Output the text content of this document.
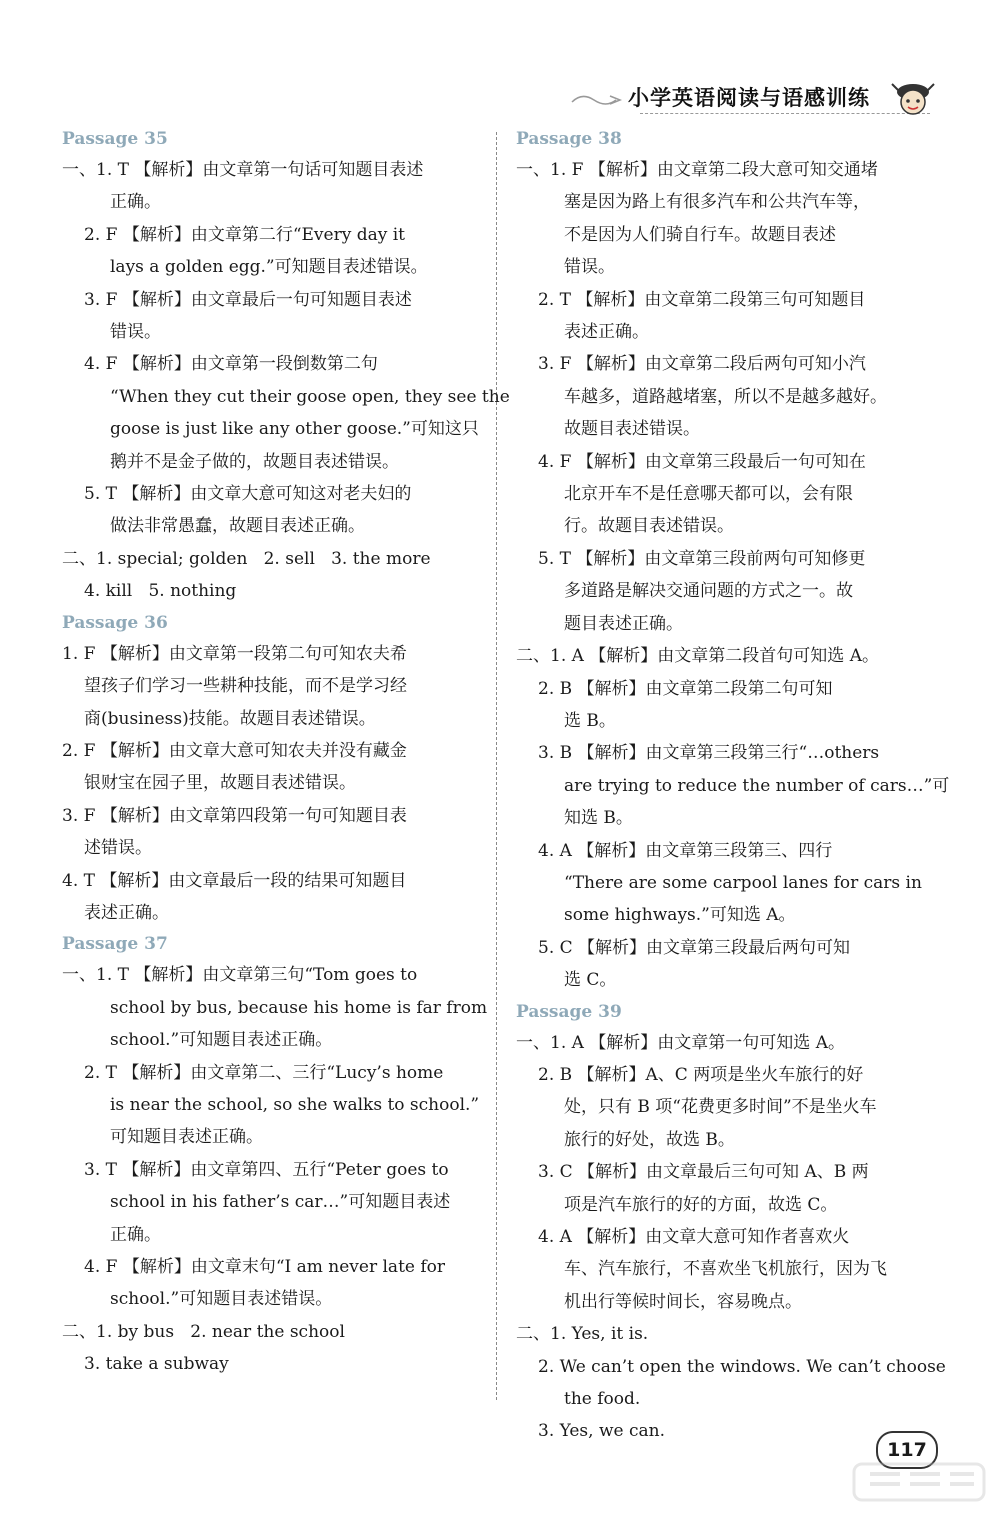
小学英语阅读与语感训练
Passage 35
一、1. T 【解析】由文章第一句话可知题目表述
正确。
2. F 【解析】由文章第二行“Every day it
lays a golden egg.”可知题目表述错误。
3. F 【解析】由文章最后一句可知题目表述
错误。
4. F 【解析】由文章第一段倒数第二句
“When they cut their goose open, they see the
goose is just like any other goose.”可知这只
鹅并不是金子做的，故题目表述错误。
5. T 【解析】由文章大意可知这对老夫妇的
做法非常愚蠢，故题目表述正确。
二、1. special; golden   2. sell   3. the more
4. kill   5. nothing
Passage 36
1. F 【解析】由文章第一段第二句可知农夫希
望孩子们学习一些耕种技能，而不是学习经
商(business)技能。故题目表述错误。
2. F 【解析】由文章大意可知农夫并没有藏金
银财宝在园子里，故题目表述错误。
3. F 【解析】由文章第四段第一句可知题目表
述错误。
4. T 【解析】由文章最后一段的结果可知题目
表述正确。
Passage 37
一、1. T 【解析】由文章第三句“Tom goes to
school by bus, because his home is far from
school.”可知题目表述正确。
2. T 【解析】由文章第二、三行“Lucy’s home
is near the school, so she walks to school.”
可知题目表述正确。
3. T 【解析】由文章第四、五行“Peter goes to
school in his father’s car…”可知题目表述
正确。
4. F 【解析】由文章末句“I am never late for
school.”可知题目表述错误。
二、1. by bus   2. near the school
3. take a subway
Passage 38
一、1. F 【解析】由文章第二段大意可知交通堵
塞是因为路上有很多汽车和公共汽车等，
不是因为人们骑自行车。故题目表述
错误。
2. T 【解析】由文章第二段第三句可知题目
表述正确。
3. F 【解析】由文章第二段后两句可知小汽
车越多，道路越堵塞，所以不是越多越好。
故题目表述错误。
4. F 【解析】由文章第三段最后一句可知在
北京开车不是任意哪天都可以，会有限
行。故题目表述错误。
5. T 【解析】由文章第三段前两句可知修更
多道路是解决交通问题的方式之一。故
题目表述正确。
二、1. A 【解析】由文章第二段首句可知选 A。
2. B 【解析】由文章第二段第二句可知
选 B。
3. B 【解析】由文章第三段第三行“…others
are trying to reduce the number of cars…”可
知选 B。
4. A 【解析】由文章第三段第三、四行
“There are some carpool lanes for cars in
some highways.”可知选 A。
5. C 【解析】由文章第三段最后两句可知
选 C。
Passage 39
一、1. A 【解析】由文章第一句可知选 A。
2. B 【解析】A、C 两项是坐火车旅行的好
处，只有 B 项“花费更多时间”不是坐火车
旅行的好处，故选 B。
3. C 【解析】由文章最后三句可知 A、B 两
项是汽车旅行的好的方面，故选 C。
4. A 【解析】由文章大意可知作者喜欢火
车、汽车旅行，不喜欢坐飞机旅行，因为飞
机出行等候时间长，容易晚点。
二、1. Yes, it is.
2. We can’t open the windows. We can’t choose
the food.
3. Yes, we can.
117
